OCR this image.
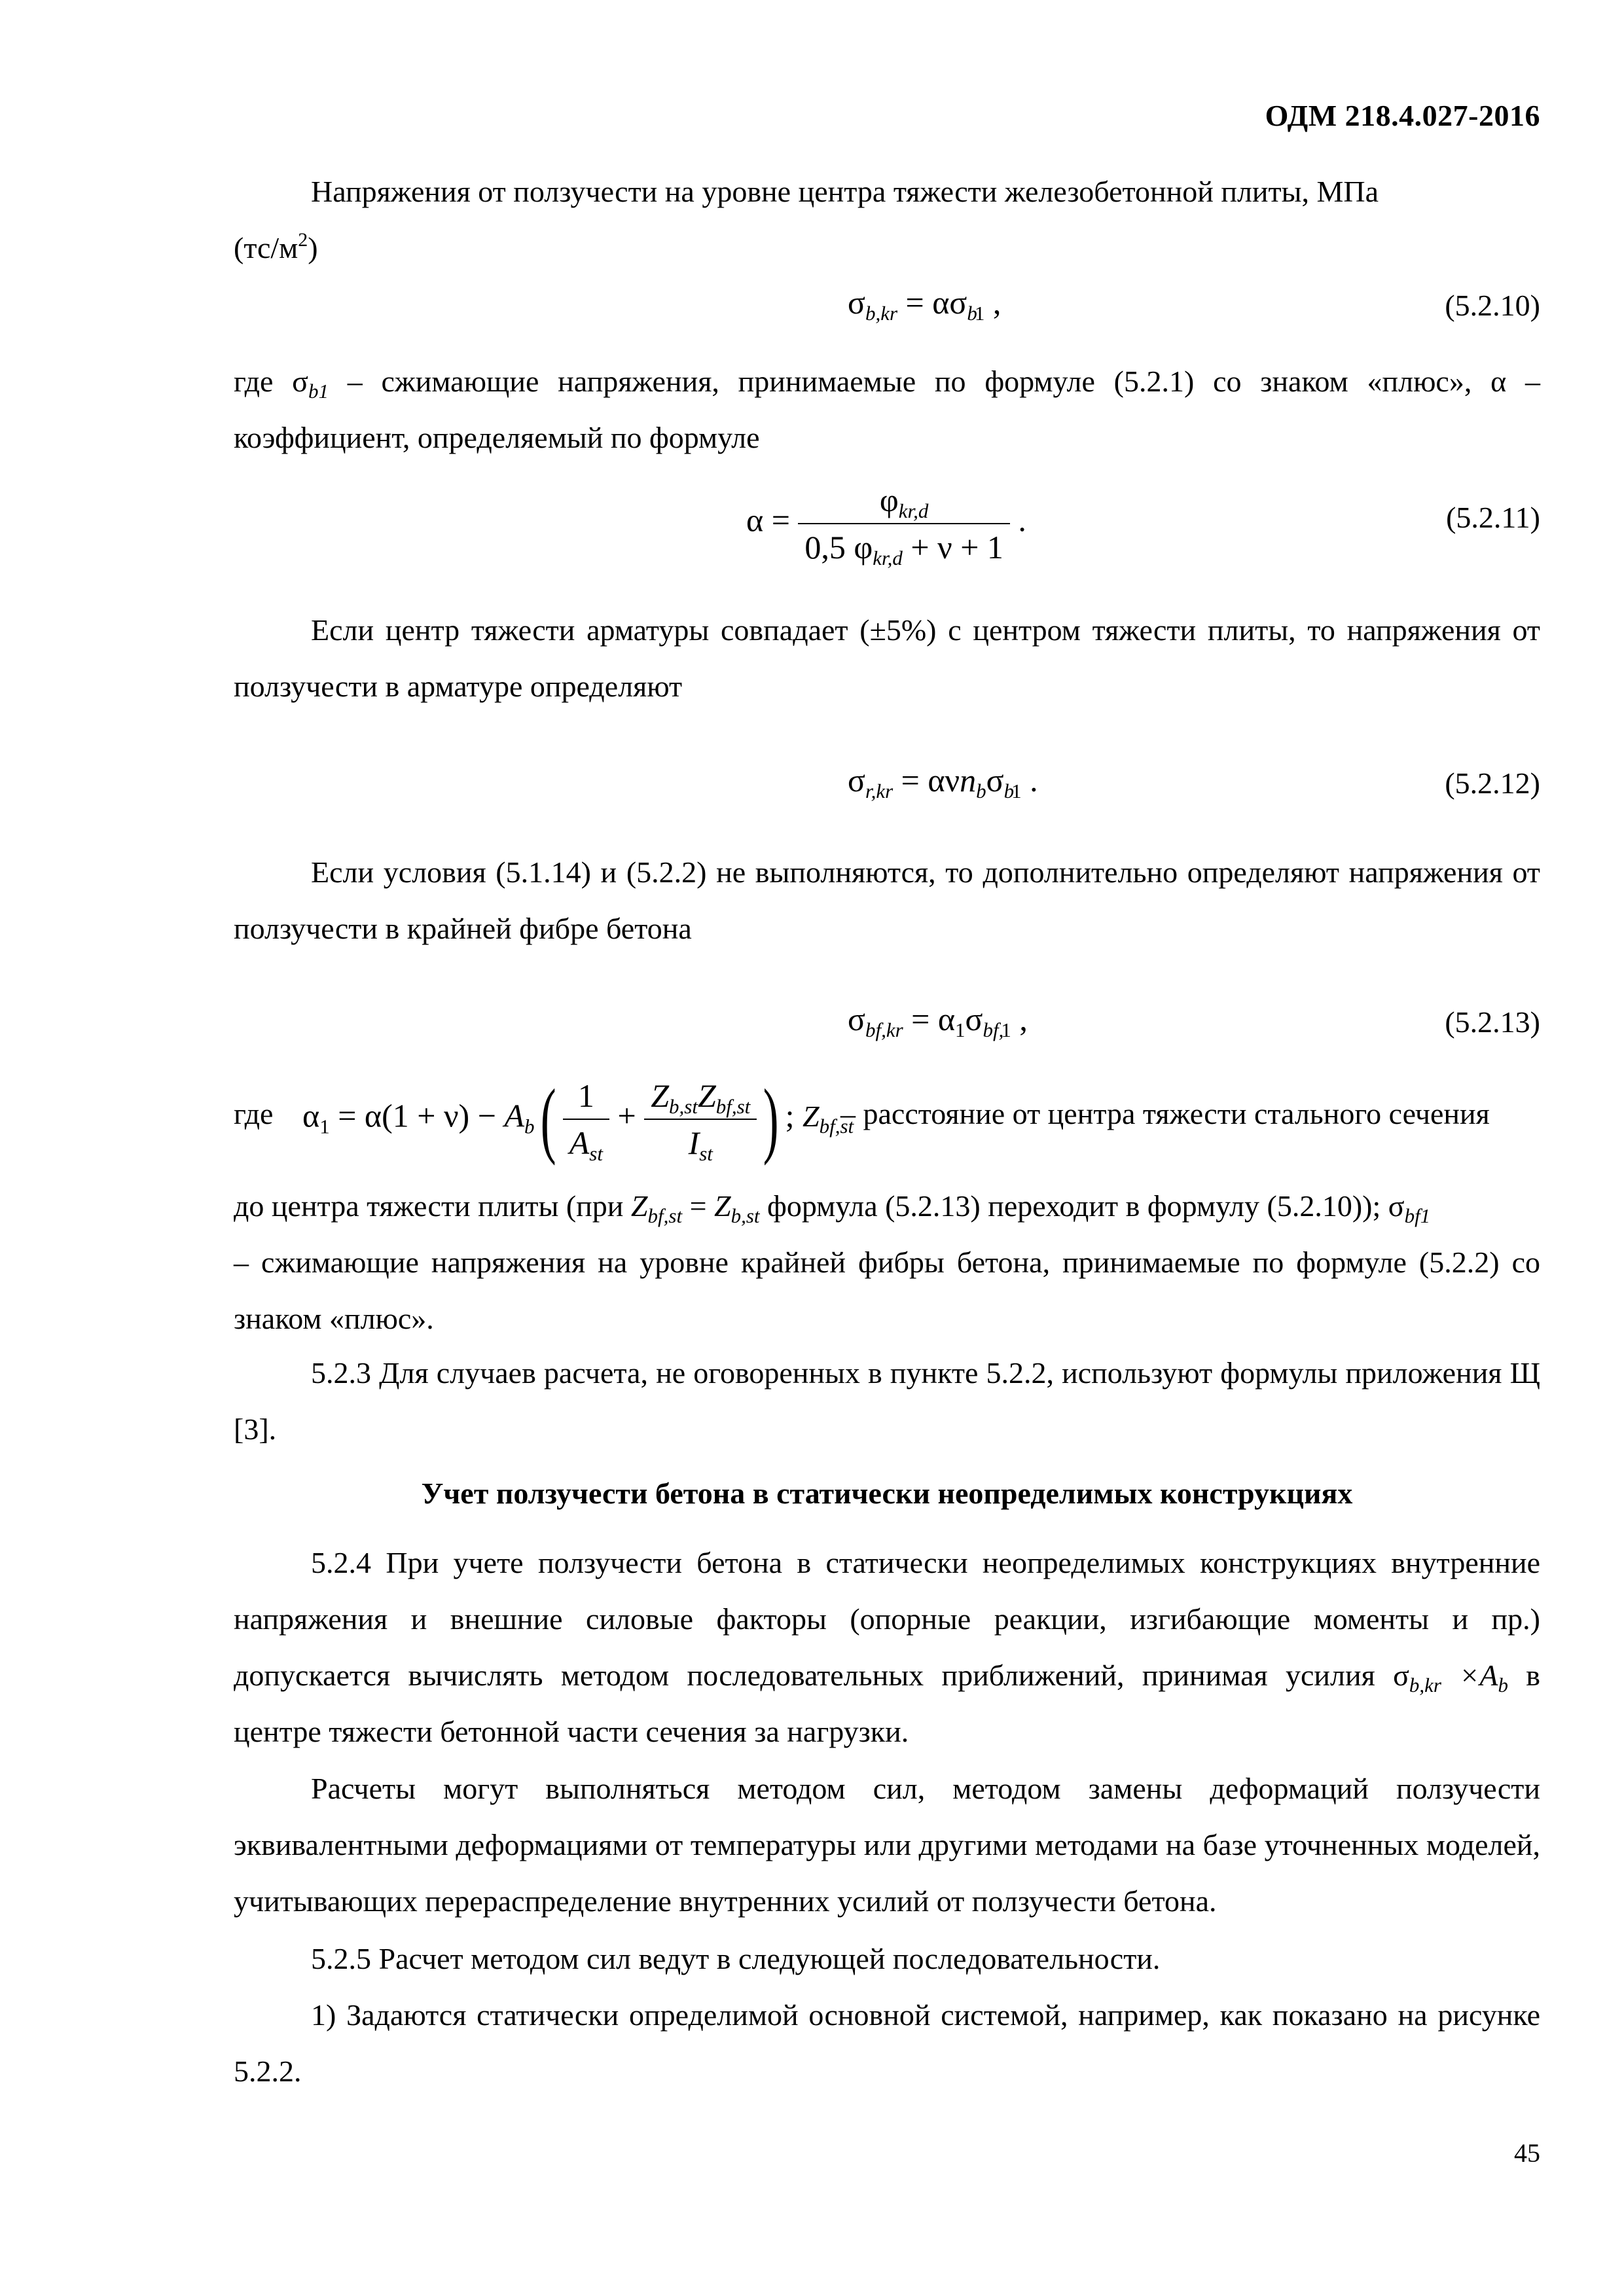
ОДМ 218.4.027-2016
Напряжения от ползучести на уровне центра тяжести железобетонной плиты, МПа
$(тс/м^2)$
$\sigma_{b,kr} = \alpha\sigma_{b1}$ ,	(5.2.10)
где $\sigma_{b1}$ – сжимающие напряжения, принимаемые по формуле (5.2.1) со знаком «плюс», α – коэффициент, определяемый по формуле
$\alpha = \frac{\varphi_{kr,d}}{0,5 \varphi_{kr,d} + \nu + 1}$ .	(5.2.11)
Если центр тяжести арматуры совпадает (±5%) с центром тяжести плиты, то напряжения от ползучести в арматуре определяют
$\sigma_{r,kr} = \alpha\nu n_b\sigma_{b1}$ .	(5.2.12)
Если условия (5.1.14) и (5.2.2) не выполняются, то дополнительно определяют напряжения от ползучести в крайней фибре бетона
$\sigma_{bf,kr} = \alpha_1\sigma_{bf,1}$ ,	(5.2.13)
где $\alpha_1 = \alpha(1 + \nu) - A_b( \frac{1}{A_{st}} + \frac{Z_{b,st}Z_{bf,st}}{I_{st}}$ ) ; $Z_{bf,st}$
– расстояние от центра тяжести стального сечения
до центра тяжести плиты (при $Z_{bf,st} = Z_{b,st}$ формула (5.2.13) переходит в формулу (5.2.10)); $\sigma_{bf1}$
– сжимающие напряжения на уровне крайней фибры бетона, принимаемые по формуле (5.2.2) со знаком «плюс».
5.2.3 Для случаев расчета, не оговоренных в пункте 5.2.2, используют формулы приложения Щ [3].
Учет ползучести бетона в статически неопределимых конструкциях
5.2.4 При учете ползучести бетона в статически неопределимых конструкциях внутренние напряжения и внешние силовые факторы (опорные реакции, изгибающие моменты и пр.) допускается вычислять методом последовательных приближений, принимая усилия $\sigma_{b,kr} \times A_b$ в центре тяжести бетонной части сечения за нагрузки.
Расчеты могут выполняться методом сил, методом замены деформаций ползучести эквивалентными деформациями от температуры или другими методами на базе уточненных моделей, учитывающих перераспределение внутренних усилий от ползучести бетона.
5.2.5 Расчет методом сил ведут в следующей последовательности.
1) Задаются статически определимой основной системой, например, как показано на рисунке 5.2.2.
45
